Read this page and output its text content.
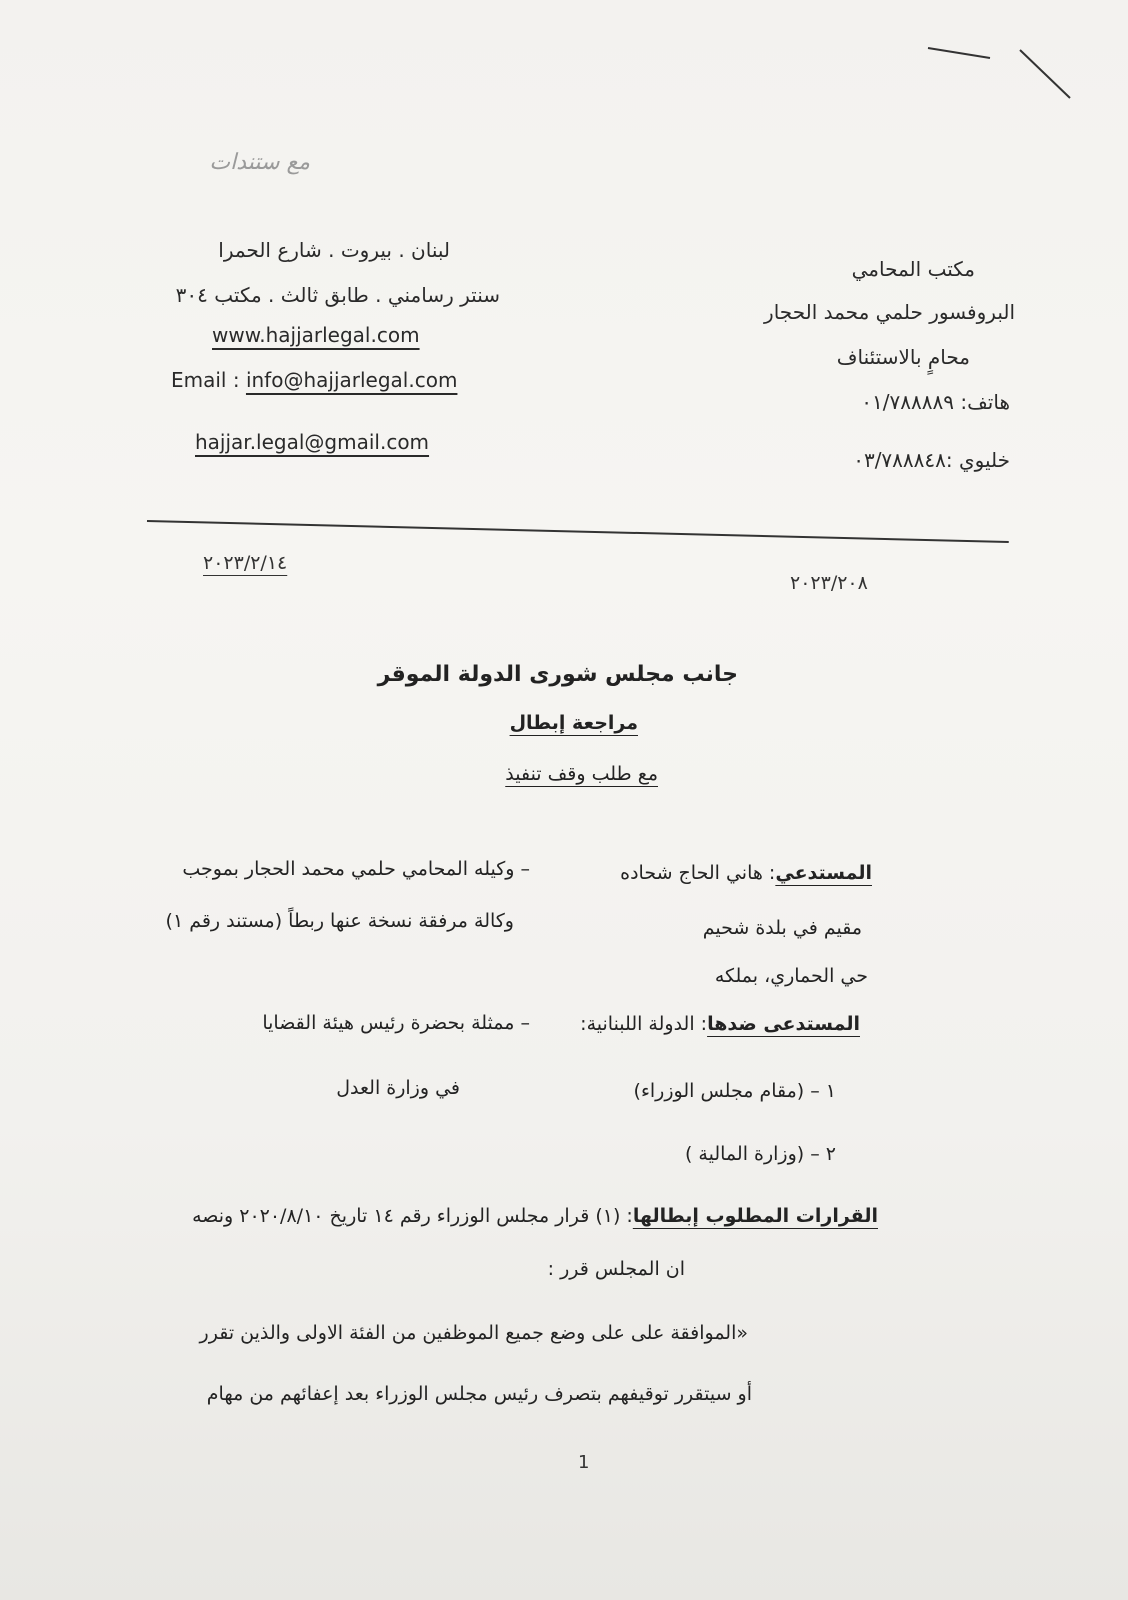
مع ستندات
لبنان . بيروت . شارع الحمرا
سنتر رسامني . طابق ثالث . مكتب ٣٠٤
www.hajjarlegal.com
Email : info@hajjarlegal.com
hajjar.legal@gmail.com
مكتب المحامي
البروفسور حلمي محمد الحجار
محامٍ بالاستئناف
هاتف: ٠١/٧٨٨٨٨٩
خليوي :٠٣/٧٨٨٨٤٨
٢٠٢٣/٢/١٤
٢٠٢٣/٢٠٨
جانب مجلس شورى الدولة الموقر
مراجعة إبطال
مع طلب وقف تنفيذ
المستدعي: هاني الحاج شحاده
مقيم في بلدة شحيم
حي الحماري، بملكه
– وكيله المحامي حلمي محمد الحجار بموجب
وكالة مرفقة نسخة عنها ربطاً (مستند رقم ١)
المستدعى ضدها: الدولة اللبنانية:
١ – (مقام مجلس الوزراء)
٢ – (وزارة المالية )
– ممثلة بحضرة رئيس هيئة القضايا
في وزارة العدل
القرارات المطلوب إبطالها: (١) قرار مجلس الوزراء رقم ١٤ تاريخ ٢٠٢٠/٨/١٠ ونصه
ان المجلس قرر :
«الموافقة على على وضع جميع الموظفين من الفئة الاولى والذين تقرر
أو سيتقرر توقيفهم بتصرف رئيس مجلس الوزراء بعد إعفائهم من مهام
1
